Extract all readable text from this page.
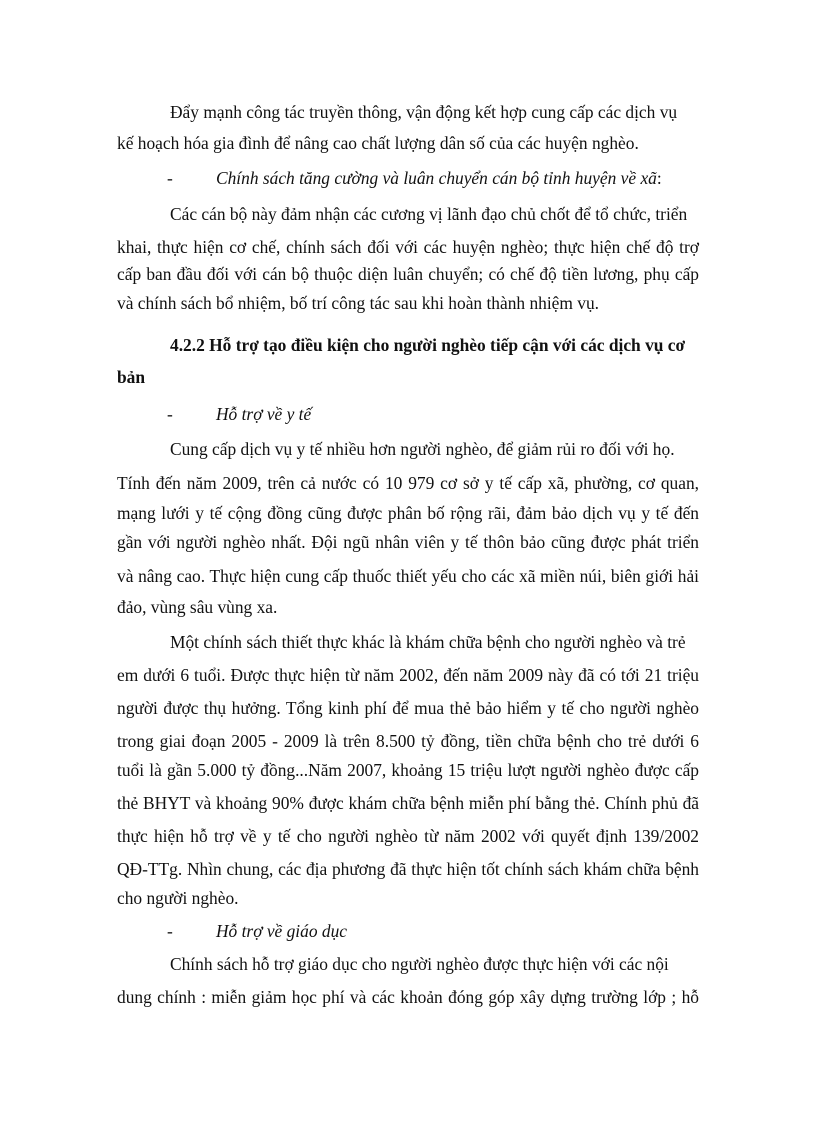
Đẩy mạnh công tác truyền thông, vận động kết hợp cung cấp các dịch vụ

kế hoạch hóa gia đình để nâng cao chất lượng dân số của các huyện nghèo.

- Chính sách tăng cường và luân chuyển cán bộ tỉnh huyện về xã:

Các cán bộ này đảm nhận các cương vị lãnh đạo chủ chốt để tổ chức, triển

khai, thực hiện cơ chế, chính sách đối với các huyện nghèo; thực hiện chế độ trợ

cấp ban đầu đối với cán bộ thuộc diện luân chuyển; có chế độ tiền lương, phụ cấp

và chính sách bổ nhiệm, bố trí công tác sau khi hoàn thành nhiệm vụ.

4.2.2 Hỗ trợ tạo điều kiện cho người nghèo tiếp cận với các dịch vụ cơ

bản

- Hỗ trợ về y tế

Cung cấp dịch vụ y tế nhiều hơn người nghèo, để giảm rủi ro đối với họ.

Tính đến năm 2009, trên cả nước có 10 979 cơ sở y tế cấp xã, phường, cơ quan,

mạng lưới y tế cộng đồng cũng được phân bố rộng rãi, đảm bảo dịch vụ y tế đến

gần với người nghèo nhất. Đội ngũ nhân viên y tế thôn bảo cũng được phát triển

và nâng cao. Thực hiện cung cấp thuốc thiết yếu cho các xã miền núi, biên giới hải

đảo, vùng sâu vùng xa.

Một chính sách thiết thực khác là khám chữa bệnh cho người nghèo và trẻ

em dưới 6 tuổi. Được thực hiện từ năm 2002, đến năm 2009 này đã có tới 21 triệu

người được thụ hưởng. Tổng kinh phí để mua thẻ bảo hiểm y tế cho người nghèo

trong giai đoạn 2005 - 2009 là trên 8.500 tỷ đồng, tiền chữa bệnh cho trẻ dưới 6

tuổi là gần 5.000 tỷ đồng...Năm 2007, khoảng 15 triệu lượt người nghèo được cấp

thẻ BHYT và khoảng 90% được khám chữa bệnh miễn phí bằng thẻ. Chính phủ đã

thực hiện hỗ trợ về y tế cho người nghèo từ năm 2002 với quyết định 139/2002

QĐ-TTg. Nhìn chung, các địa phương đã thực hiện tốt chính sách khám chữa bệnh

cho người nghèo.

- Hỗ trợ về giáo dục

Chính sách hỗ trợ giáo dục cho người nghèo được thực hiện với các nội

dung chính : miễn giảm học phí và các khoản đóng góp xây dựng trường lớp ; hỗ
